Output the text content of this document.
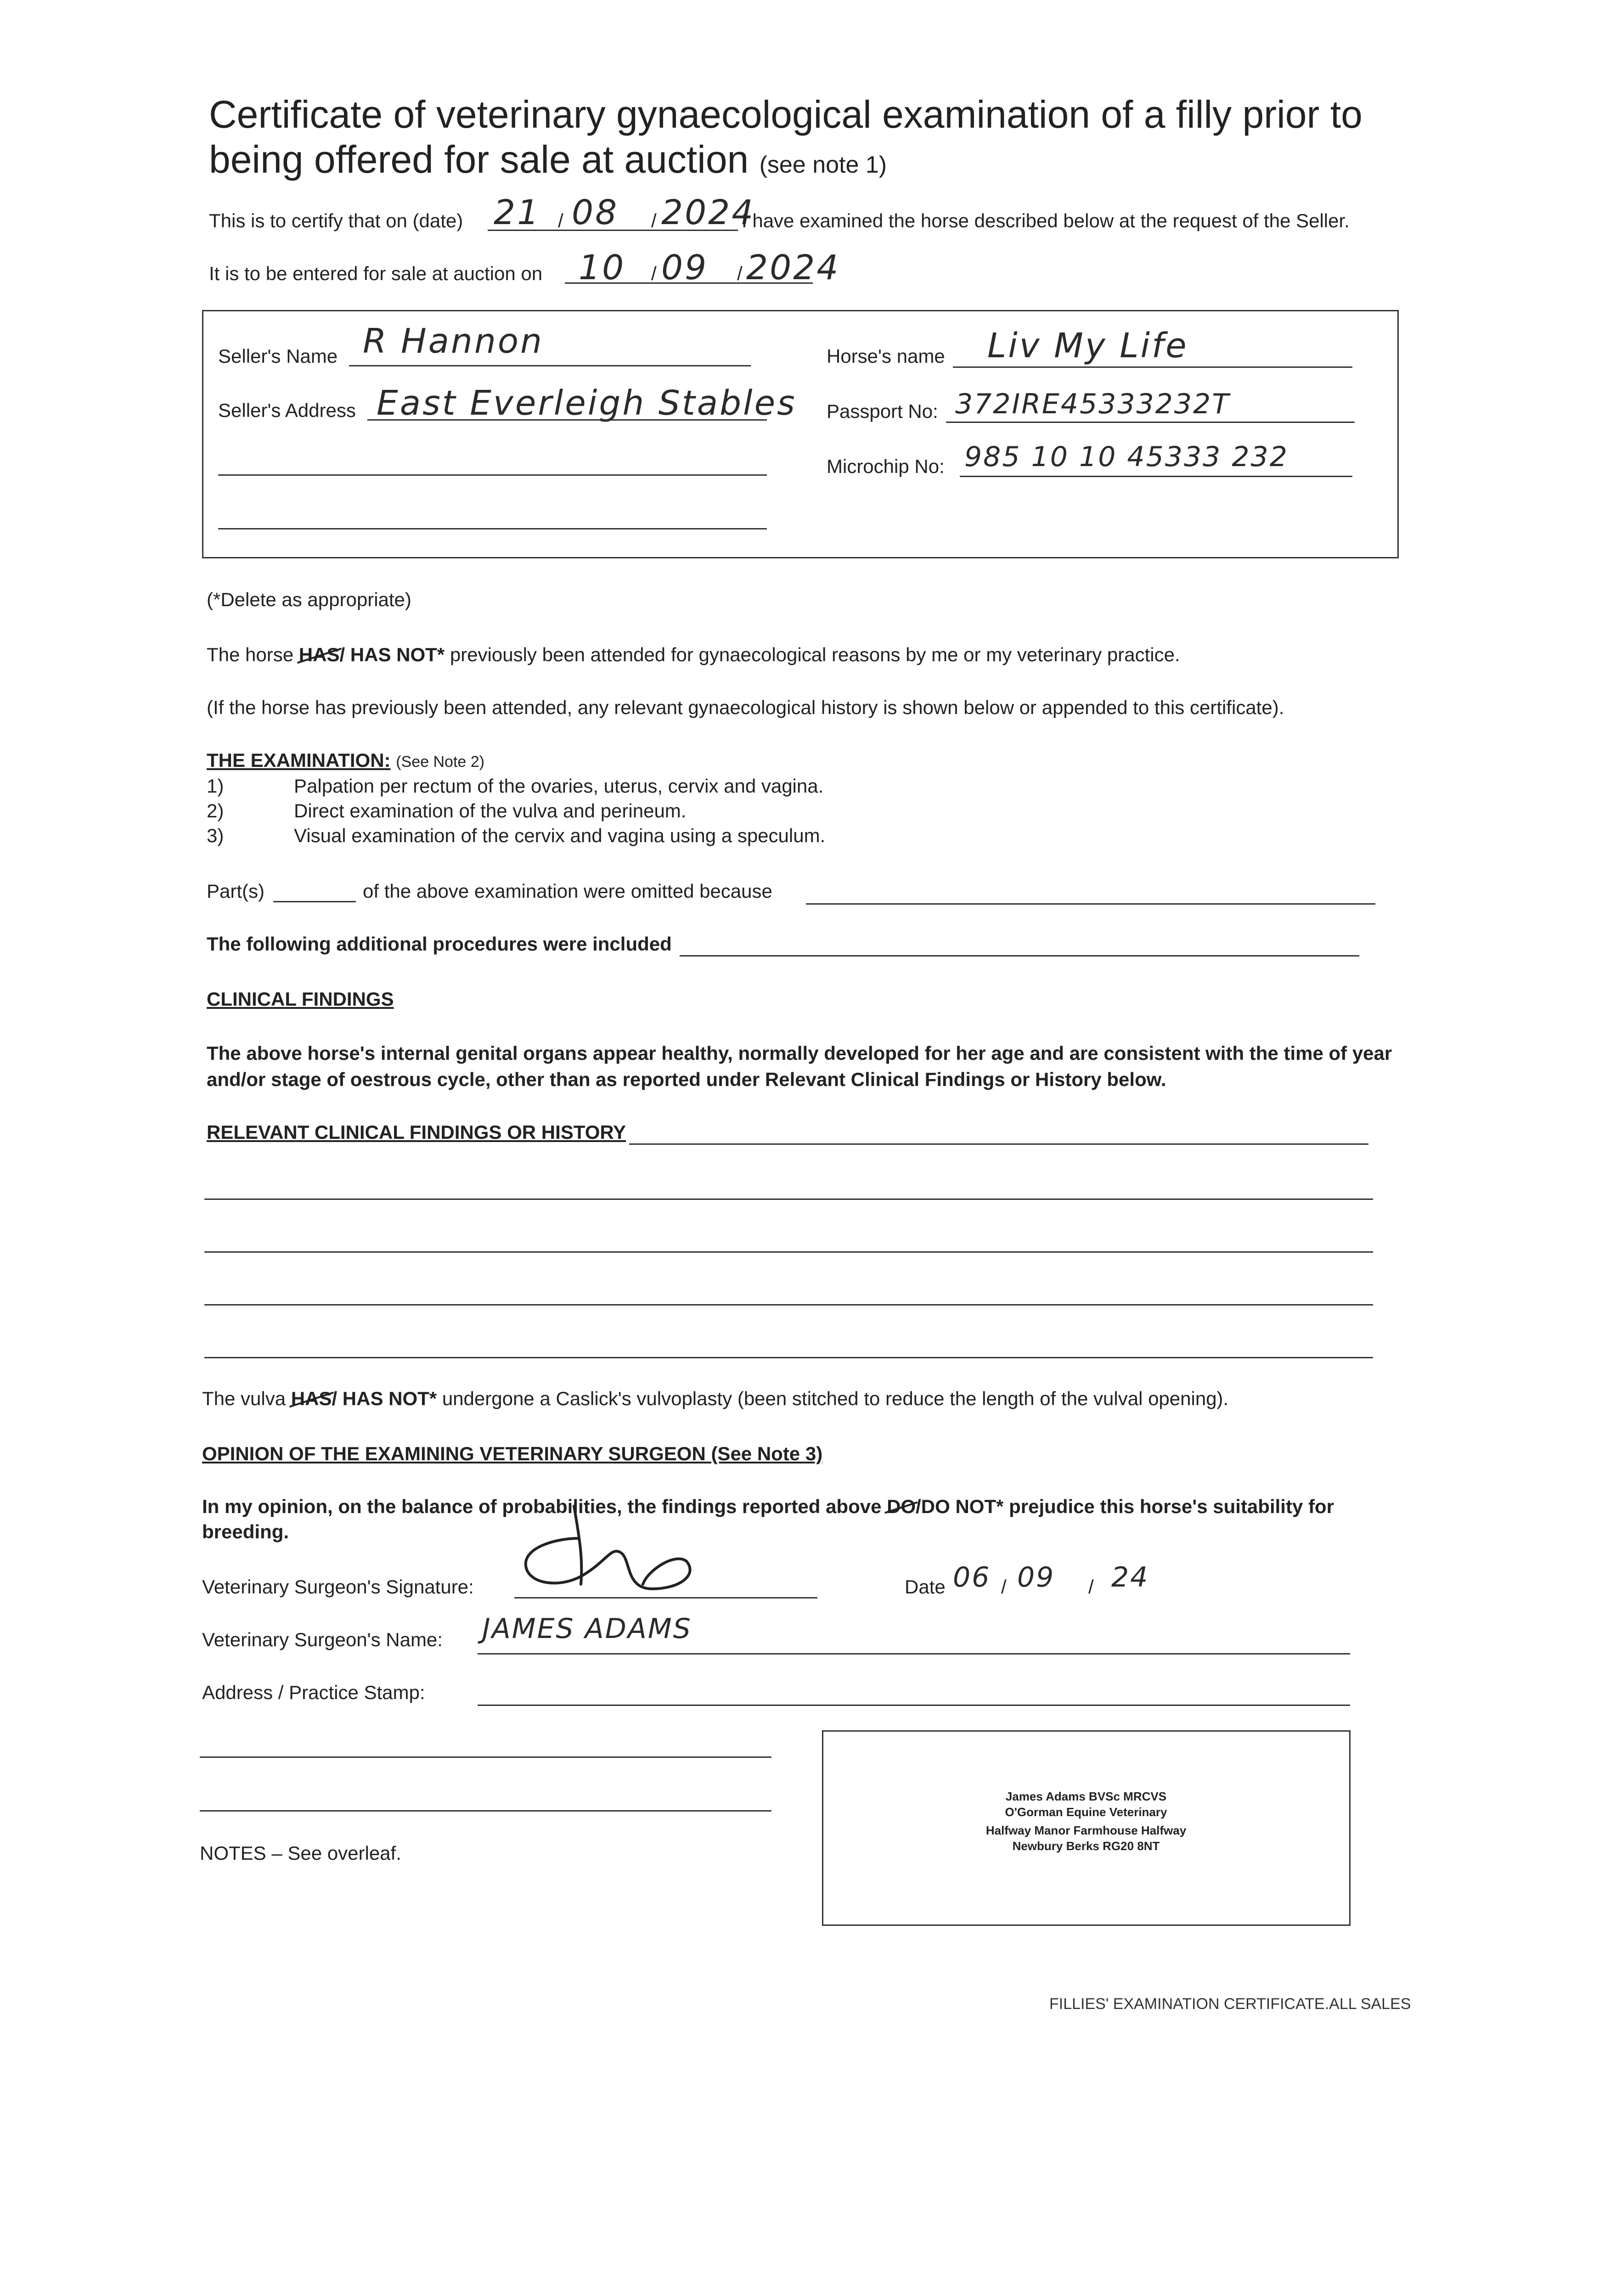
Certificate of veterinary gynaecological examination of a filly prior to
being offered for sale at auction (see note 1)
This is to certify that on (date) 21 / 08 / 2024
I have examined the horse described below at the request of the Seller.
It is to be entered for sale at auction on 10 / 09 / 2024
Seller's Name R Hannon
Seller's Address East Everleigh Stables
Horse's name Liv My Life
Passport No: 372IRE45333232T
Microchip No: 985 10 10 45333 232
(*Delete as appropriate)
The horse HAS/ HAS NOT* previously been attended for gynaecological reasons by me or my veterinary practice.
(If the horse has previously been attended, any relevant gynaecological history is shown below or appended to this certificate).
THE EXAMINATION: (See Note 2)
1)	Palpation per rectum of the ovaries, uterus, cervix and vagina.
2)	Direct examination of the vulva and perineum.
3)	Visual examination of the cervix and vagina using a speculum.
Part(s)	of the above examination were omitted because
The following additional procedures were included
CLINICAL FINDINGS
The above horse's internal genital organs appear healthy, normally developed for her age and are consistent with the time of year
and/or stage of oestrous cycle, other than as reported under Relevant Clinical Findings or History below.
RELEVANT CLINICAL FINDINGS OR HISTORY
The vulva HAS/ HAS NOT* undergone a Caslick's vulvoplasty (been stitched to reduce the length of the vulval opening).
OPINION OF THE EXAMINING VETERINARY SURGEON (See Note 3)
In my opinion, on the balance of probabilities, the findings reported above DO/DO NOT* prejudice this horse's suitability for
breeding.
Veterinary Surgeon's Signature:	Date 06 / 09 / 24
Veterinary Surgeon's Name: JAMES ADAMS
Address / Practice Stamp:
James Adams BVSc MRCVS
O'Gorman Equine Veterinary
Halfway Manor Farmhouse Halfway
Newbury Berks RG20 8NT
NOTES – See overleaf.
FILLIES' EXAMINATION CERTIFICATE.ALL SALES
